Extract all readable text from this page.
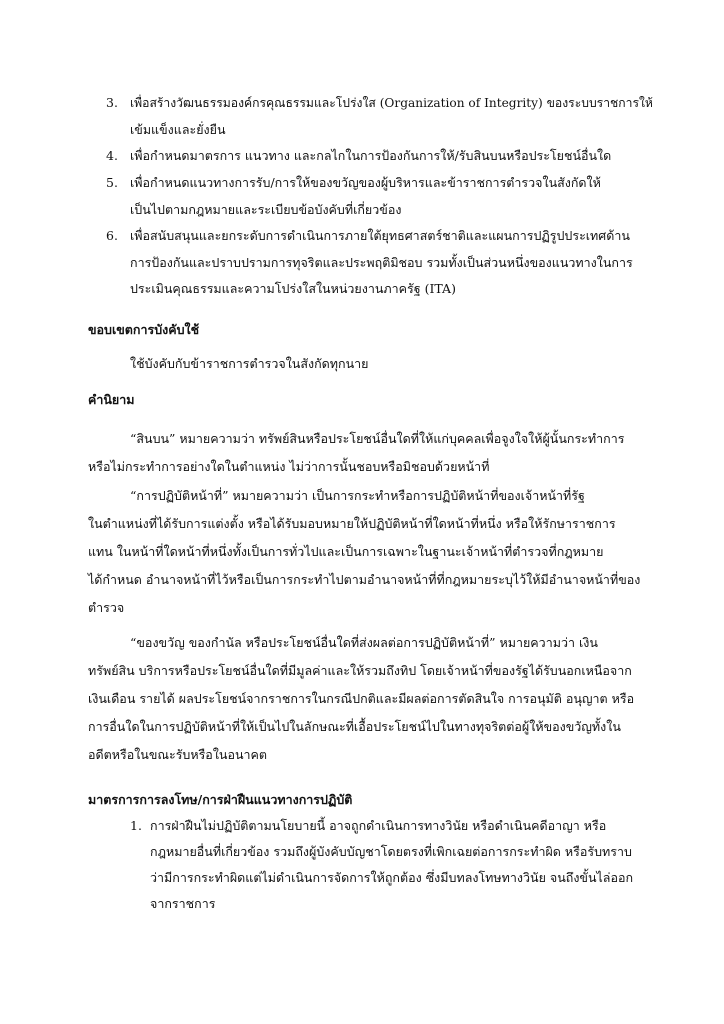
3. เพื่อสร้างวัฒนธรรมองค์กรคุณธรรมและโปร่งใส (Organization of Integrity) ของระบบราชการให้
เข้มแข็งและยั่งยืน
4. เพื่อกำหนดมาตรการ แนวทาง และกลไกในการป้องกันการให้/รับสินบนหรือประโยชน์อื่นใด
5. เพื่อกำหนดแนวทางการรับ/การให้ของขวัญของผู้บริหารและข้าราชการตำรวจในสังกัดให้
เป็นไปตามกฎหมายและระเบียบข้อบังคับที่เกี่ยวข้อง
6. เพื่อสนับสนุนและยกระดับการดำเนินการภายใต้ยุทธศาสตร์ชาติและแผนการปฏิรูปประเทศด้าน
การป้องกันและปราบปรามการทุจริตและประพฤติมิชอบ รวมทั้งเป็นส่วนหนึ่งของแนวทางในการ
ประเมินคุณธรรมและความโปร่งใสในหน่วยงานภาครัฐ (ITA)
ขอบเขตการบังคับใช้
ใช้บังคับกับข้าราชการตำรวจในสังกัดทุกนาย
คำนิยาม
“สินบน” หมายความว่า ทรัพย์สินหรือประโยชน์อื่นใดที่ให้แก่บุคคลเพื่อจูงใจให้ผู้นั้นกระทำการ
หรือไม่กระทำการอย่างใดในตำแหน่ง ไม่ว่าการนั้นชอบหรือมิชอบด้วยหน้าที่
“การปฏิบัติหน้าที่” หมายความว่า เป็นการกระทำหรือการปฏิบัติหน้าที่ของเจ้าหน้าที่รัฐ
ในตำแหน่งที่ได้รับการแต่งตั้ง หรือได้รับมอบหมายให้ปฏิบัติหน้าที่ใดหน้าที่หนึ่ง หรือให้รักษาราชการ
แทน ในหน้าที่ใดหน้าที่หนึ่งทั้งเป็นการทั่วไปและเป็นการเฉพาะในฐานะเจ้าหน้าที่ตำรวจที่กฎหมาย
ได้กำหนด อำนาจหน้าที่ไว้หรือเป็นการกระทำไปตามอำนาจหน้าที่ที่กฎหมายระบุไว้ให้มีอำนาจหน้าที่ของ
ตำรวจ
“ของขวัญ ของกำนัล หรือประโยชน์อื่นใดที่ส่งผลต่อการปฏิบัติหน้าที่” หมายความว่า เงิน
ทรัพย์สิน บริการหรือประโยชน์อื่นใดที่มีมูลค่าและให้รวมถึงทิป โดยเจ้าหน้าที่ของรัฐได้รับนอกเหนือจาก
เงินเดือน รายได้ ผลประโยชน์จากราชการในกรณีปกติและมีผลต่อการตัดสินใจ การอนุมัติ อนุญาต หรือ
การอื่นใดในการปฏิบัติหน้าที่ให้เป็นไปในลักษณะที่เอื้อประโยชน์ไปในทางทุจริตต่อผู้ให้ของขวัญทั้งใน
อดีตหรือในขณะรับหรือในอนาคต
มาตรการการลงโทษ/การฝ่าฝืนแนวทางการปฏิบัติ
1. การฝ่าฝืนไม่ปฏิบัติตามนโยบายนี้ อาจถูกดำเนินการทางวินัย หรือดำเนินคดีอาญา หรือ
กฎหมายอื่นที่เกี่ยวข้อง รวมถึงผู้บังคับบัญชาโดยตรงที่เพิกเฉยต่อการกระทำผิด หรือรับทราบ
ว่ามีการกระทำผิดแต่ไม่ดำเนินการจัดการให้ถูกต้อง ซึ่งมีบทลงโทษทางวินัย จนถึงขั้นไล่ออก
จากราชการ
